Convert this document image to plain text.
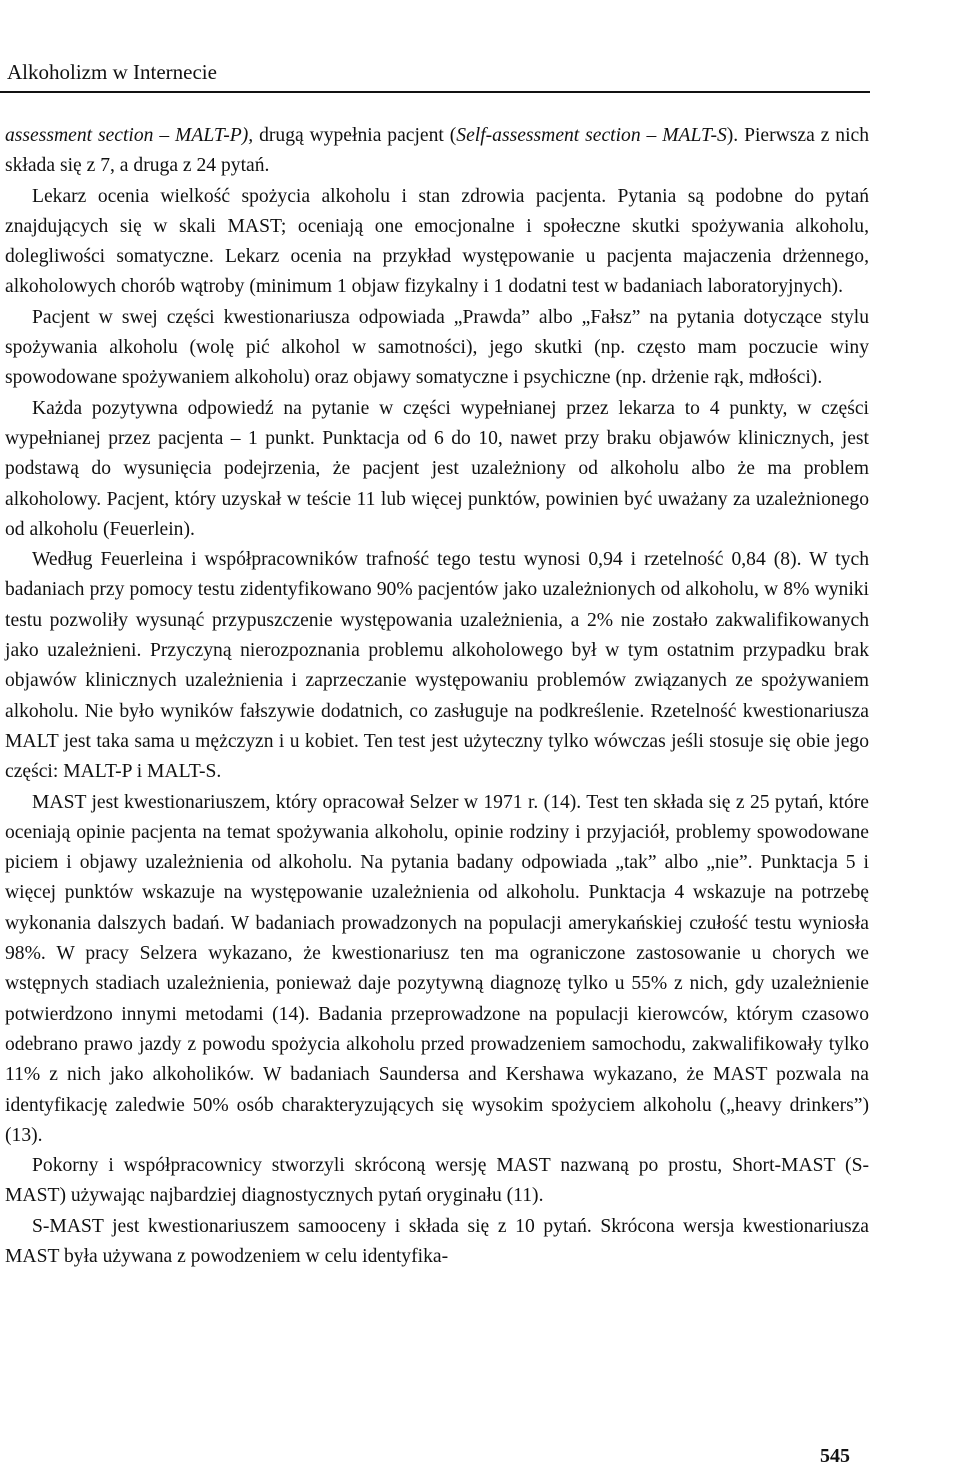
Alkoholizm w Internecie

assessment section – MALT-P), drugą wypełnia pacjent (Self-assessment section – MALT-S). Pierwsza z nich składa się z 7, a druga z 24 pytań.

Lekarz ocenia wielkość spożycia alkoholu i stan zdrowia pacjenta. Pytania są podobne do pytań znajdujących się w skali MAST; oceniają one emocjonalne i społeczne skutki spożywania alkoholu, dolegliwości somatyczne. Lekarz ocenia na przykład występowanie u pacjenta majaczenia drżennego, alkoholowych chorób wątroby (minimum 1 objaw fizykalny i 1 dodatni test w badaniach laboratoryjnych).

Pacjent w swej części kwestionariusza odpowiada „Prawda” albo „Fałsz” na pytania dotyczące stylu spożywania alkoholu (wolę pić alkohol w samotności), jego skutki (np. często mam poczucie winy spowodowane spożywaniem alkoholu) oraz objawy somatyczne i psychiczne (np. drżenie rąk, mdłości).

Każda pozytywna odpowiedź na pytanie w części wypełnianej przez lekarza to 4 punkty, w części wypełnianej przez pacjenta – 1 punkt. Punktacja od 6 do 10, nawet przy braku objawów klinicznych, jest podstawą do wysunięcia podejrzenia, że pacjent jest uzależniony od alkoholu albo że ma problem alkoholowy. Pacjent, który uzyskał w teście 11 lub więcej punktów, powinien być uważany za uzależnionego od alkoholu (Feuerlein).

Według Feuerleina i współpracowników trafność tego testu wynosi 0,94 i rzetelność 0,84 (8). W tych badaniach przy pomocy testu zidentyfikowano 90% pacjentów jako uzależnionych od alkoholu, w 8% wyniki testu pozwoliły wysunąć przypuszczenie występowania uzależnienia, a 2% nie zostało zakwalifikowanych jako uzależnieni. Przyczyną nierozpoznania problemu alkoholowego był w tym ostatnim przypadku brak objawów klinicznych uzależnienia i zaprzeczanie występowaniu problemów związanych ze spożywaniem alkoholu. Nie było wyników fałszywie dodatnich, co zasługuje na podkreślenie. Rzetelność kwestionariusza MALT jest taka sama u mężczyzn i u kobiet. Ten test jest użyteczny tylko wówczas jeśli stosuje się obie jego części: MALT-P i MALT-S.

MAST jest kwestionariuszem, który opracował Selzer w 1971 r. (14). Test ten składa się z 25 pytań, które oceniają opinie pacjenta na temat spożywania alkoholu, opinie rodziny i przyjaciół, problemy spowodowane piciem i objawy uzależnienia od alkoholu. Na pytania badany odpowiada „tak” albo „nie”. Punktacja 5 i więcej punktów wskazuje na występowanie uzależnienia od alkoholu. Punktacja 4 wskazuje na potrzebę wykonania dalszych badań. W badaniach prowadzonych na populacji amerykańskiej czułość testu wyniosła 98%. W pracy Selzera wykazano, że kwestionariusz ten ma ograniczone zastosowanie u chorych we wstępnych stadiach uzależnienia, ponieważ daje pozytywną diagnozę tylko u 55% z nich, gdy uzależnienie potwierdzono innymi metodami (14). Badania przeprowadzone na populacji kierowców, którym czasowo odebrano prawo jazdy z powodu spożycia alkoholu przed prowadzeniem samochodu, zakwalifikowały tylko 11% z nich jako alkoholików. W badaniach Saundersa and Kershawa wykazano, że MAST pozwala na identyfikację zaledwie 50% osób charakteryzujących się wysokim spożyciem alkoholu („heavy drinkers”) (13).

Pokorny i współpracownicy stworzyli skróconą wersję MAST nazwaną po prostu, Short-MAST (S-MAST) używając najbardziej diagnostycznych pytań oryginału (11).

S-MAST jest kwestionariuszem samooceny i składa się z 10 pytań. Skrócona wersja kwestionariusza MAST była używana z powodzeniem w celu identyfika-

545
